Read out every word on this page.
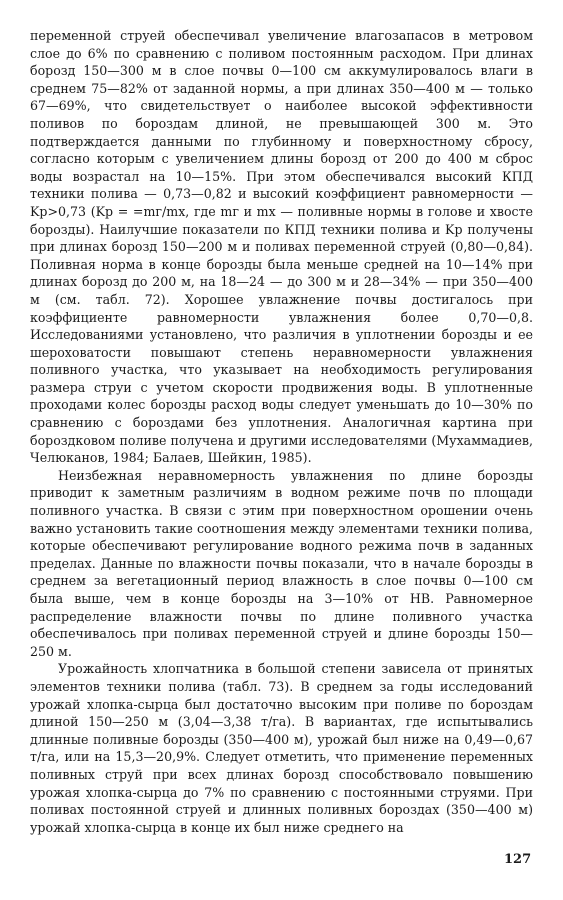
переменной струей обеспечивал увеличение влагозапасов в метровом слое до 6% по сравнению с поливом постоянным расходом. При длинах борозд 150—300 м в слое почвы 0—100 см аккумулировалось влаги в среднем 75—82% от заданной нормы, а при длинах 350—400 м — только 67—69%, что свидетельствует о наиболее высокой эффективности поливов по бороздам длиной, не превышающей 300 м. Это подтверждается данными по глубинному и поверхностному сбросу, согласно которым с увеличением длины борозд от 200 до 400 м сброс воды возрастал на 10—15%. При этом обеспечивался высокий КПД техники полива — 0,73—0,82 и высокий коэффициент равномерности — Kр>0,73 (Kр = =mг/mх, где mг и mх — поливные нормы в голове и хвосте борозды). Наилучшие показатели по КПД техники полива и Kр получены при длинах борозд 150—200 м и поливах переменной струей (0,80—0,84). Поливная норма в конце борозды была меньше средней на 10—14% при длинах борозд до 200 м, на 18—24 — до 300 м и 28—34% — при 350—400 м (см. табл. 72). Хорошее увлажнение почвы достигалось при коэффициенте равномерности увлажнения более 0,70—0,8. Исследованиями установлено, что различия в уплотнении борозды и ее шероховатости повышают степень неравномерности увлажнения поливного участка, что указывает на необходимость регулирования размера струи с учетом скорости продвижения воды. В уплотненные проходами колес борозды расход воды следует уменьшать до 10—30% по сравнению с бороздами без уплотнения. Аналогичная картина при бороздковом поливе получена и другими исследователями (Мухаммадиев, Челюканов, 1984; Балаев, Шейкин, 1985).

Неизбежная неравномерность увлажнения по длине борозды приводит к заметным различиям в водном режиме почв по площади поливного участка. В связи с этим при поверхностном орошении очень важно установить такие соотношения между элементами техники полива, которые обеспечивают регулирование водного режима почв в заданных пределах. Данные по влажности почвы показали, что в начале борозды в среднем за вегетационный период влажность в слое почвы 0—100 см была выше, чем в конце борозды на 3—10% от НВ. Равномерное распределение влажности почвы по длине поливного участка обеспечивалось при поливах переменной струей и длине борозды 150—250 м.

Урожайность хлопчатника в большой степени зависела от принятых элементов техники полива (табл. 73). В среднем за годы исследований урожай хлопка-сырца был достаточно высоким при поливе по бороздам длиной 150—250 м (3,04—3,38 т/га). В вариантах, где испытывались длинные поливные борозды (350—400 м), урожай был ниже на 0,49—0,67 т/га, или на 15,3—20,9%. Следует отметить, что применение переменных поливных струй при всех длинах борозд способствовало повышению урожая хлопка-сырца до 7% по сравнению с постоянными струями. При поливах постоянной струей и длинных поливных бороздах (350—400 м) урожай хлопка-сырца в конце их был ниже среднего на

127
